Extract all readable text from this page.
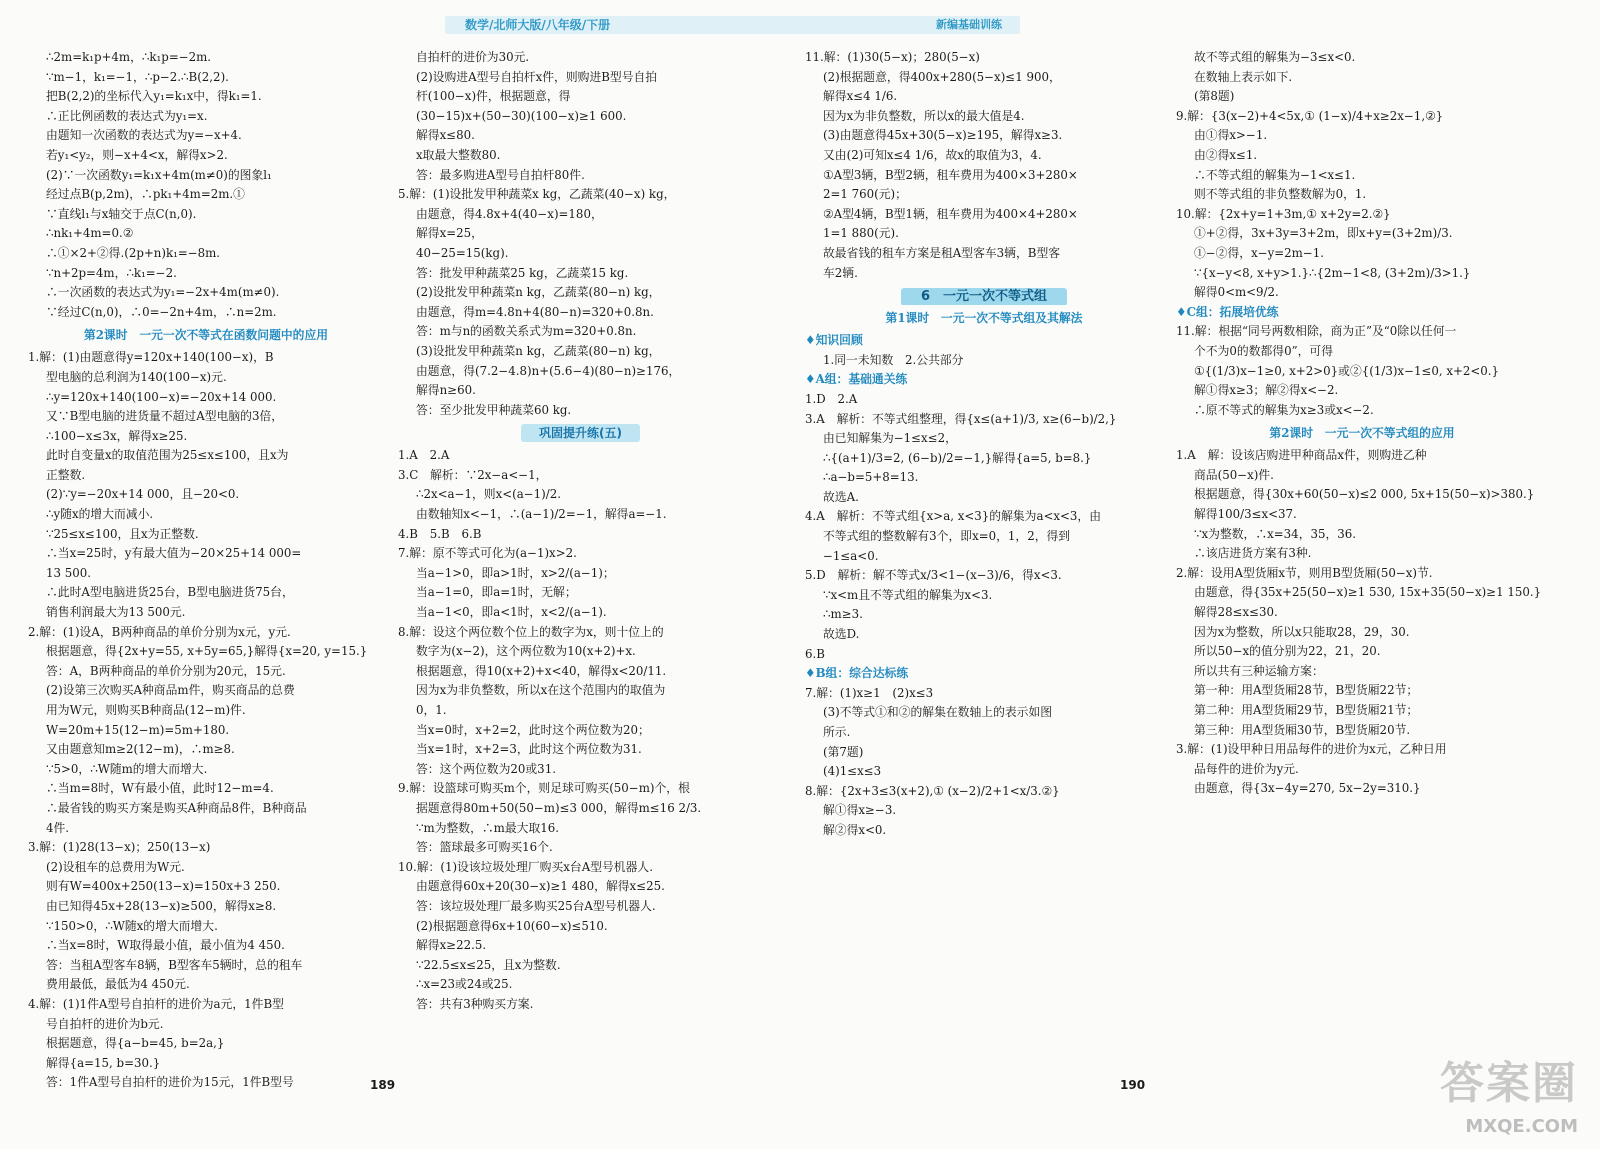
数学/北师大版/八年级/下册	新编基础训练
∴2m=k₁p+4m，∴k₁p=−2m.
∵m−1，k₁=−1，∴p−2.∴B(2,2).
把B(2,2)的坐标代入y₁=k₁x中，得k₁=1.
∴正比例函数的表达式为y₁=x.
由题知一次函数的表达式为y=−x+4.
若y₁<y₂，则−x+4<x，解得x>2.
(2)∵一次函数y₁=k₁x+4m(m≠0)的图象l₁
经过点B(p,2m)，∴pk₁+4m=2m.①
∵直线l₁与x轴交于点C(n,0).
∴nk₁+4m=0.②
∴①×2+②得.(2p+n)k₁=−8m.
∵n+2p=4m，∴k₁=−2.
∴一次函数的表达式为y₁=−2x+4m(m≠0).
∵经过C(n,0)，∴0=−2n+4m，∴n=2m.
第2课时　一元一次不等式在函数问题中的应用
1.解：(1)由题意得y=120x+140(100−x)，B
型电脑的总利润为140(100−x)元.
∴y=120x+140(100−x)=−20x+14 000.
又∵B型电脑的进货量不超过A型电脑的3倍，
∴100−x≤3x，解得x≥25.
此时自变量x的取值范围为25≤x≤100，且x为
正整数.
(2)∵y=−20x+14 000，且−20<0.
∴y随x的增大而减小.
∵25≤x≤100，且x为正整数.
∴当x=25时，y有最大值为−20×25+14 000=
13 500.
∴此时A型电脑进货25台，B型电脑进货75台，
销售利润最大为13 500元.
2.解：(1)设A，B两种商品的单价分别为x元，y元.
根据题意，得{2x+y=55, x+5y=65,}解得{x=20, y=15.}
答：A，B两种商品的单价分别为20元，15元.
(2)设第三次购买A种商品m件，购买商品的总费
用为W元，则购买B种商品(12−m)件.
W=20m+15(12−m)=5m+180.
又由题意知m≥2(12−m)，∴m≥8.
∵5>0，∴W随m的增大而增大.
∴当m=8时，W有最小值，此时12−m=4.
∴最省钱的购买方案是购买A种商品8件，B种商品
4件.
3.解：(1)28(13−x)；250(13−x)
(2)设租车的总费用为W元.
则有W=400x+250(13−x)=150x+3 250.
由已知得45x+28(13−x)≥500，解得x≥8.
∵150>0，∴W随x的增大而增大.
∴当x=8时，W取得最小值，最小值为4 450.
答：当租A型客车8辆，B型客车5辆时，总的租车
费用最低，最低为4 450元.
4.解：(1)1件A型号自拍杆的进价为a元，1件B型
号自拍杆的进价为b元.
根据题意，得{a−b=45, b=2a,}
解得{a=15, b=30.}
答：1件A型号自拍杆的进价为15元，1件B型号
自拍杆的进价为30元.
(2)设购进A型号自拍杆x件，则购进B型号自拍
杆(100−x)件，根据题意，得
(30−15)x+(50−30)(100−x)≥1 600.
解得x≤80.
x取最大整数80.
答：最多购进A型号自拍杆80件.
5.解：(1)设批发甲种蔬菜x kg，乙蔬菜(40−x) kg，
由题意，得4.8x+4(40−x)=180，
解得x=25，
40−25=15(kg).
答：批发甲种蔬菜25 kg，乙蔬菜15 kg.
(2)设批发甲种蔬菜n kg，乙蔬菜(80−n) kg，
由题意，得m=4.8n+4(80−n)=320+0.8n.
答：m与n的函数关系式为m=320+0.8n.
(3)设批发甲种蔬菜n kg，乙蔬菜(80−n) kg，
由题意，得(7.2−4.8)n+(5.6−4)(80−n)≥176，
解得n≥60.
答：至少批发甲种蔬菜60 kg.
巩固提升练(五)
1.A　2.A
3.C　解析：∵2x−a<−1，
∴2x<a−1，则x<(a−1)/2.
由数轴知x<−1，∴(a−1)/2=−1，解得a=−1.
4.B　5.B　6.B
7.解：原不等式可化为(a−1)x>2.
当a−1>0，即a>1时，x>2/(a−1)；
当a−1=0，即a=1时，无解；
当a−1<0，即a<1时，x<2/(a−1).
8.解：设这个两位数个位上的数字为x，则十位上的
数字为(x−2)，这个两位数为10(x+2)+x.
根据题意，得10(x+2)+x<40，解得x<20/11.
因为x为非负整数，所以x在这个范围内的取值为
0，1.
当x=0时，x+2=2，此时这个两位数为20；
当x=1时，x+2=3，此时这个两位数为31.
答：这个两位数为20或31.
9.解：设篮球可购买m个，则足球可购买(50−m)个，根
据题意得80m+50(50−m)≤3 000，解得m≤16 2/3.
∵m为整数，∴m最大取16.
答：篮球最多可购买16个.
10.解：(1)设该垃圾处理厂购买x台A型号机器人.
由题意得60x+20(30−x)≥1 480，解得x≤25.
答：该垃圾处理厂最多购买25台A型号机器人.
(2)根据题意得6x+10(60−x)≤510.
解得x≥22.5.
∵22.5≤x≤25，且x为整数.
∴x=23或24或25.
答：共有3种购买方案.
11.解：(1)30(5−x)；280(5−x)
(2)根据题意，得400x+280(5−x)≤1 900，
解得x≤4 1/6.
因为x为非负整数，所以x的最大值是4.
(3)由题意得45x+30(5−x)≥195，解得x≥3.
又由(2)可知x≤4 1/6，故x的取值为3，4.
①A型3辆，B型2辆，租车费用为400×3+280×
2=1 760(元)；
②A型4辆，B型1辆，租车费用为400×4+280×
1=1 880(元).
故最省钱的租车方案是租A型客车3辆，B型客
车2辆.
6　一元一次不等式组
第1课时　一元一次不等式组及其解法
♦知识回顾
1.同一未知数　2.公共部分
♦A组：基础通关练
1.D　2.A
3.A　解析：不等式组整理，得{x≤(a+1)/3, x≥(6−b)/2,}
由已知解集为−1≤x≤2，
∴{(a+1)/3=2, (6−b)/2=−1,}解得{a=5, b=8.}
∴a−b=5+8=13.
故选A.
4.A　解析：不等式组{x>a, x<3}的解集为a<x<3，由
不等式组的整数解有3个，即x=0，1，2，得到
−1≤a<0.
5.D　解析：解不等式x/3<1−(x−3)/6，得x<3.
∵x<m且不等式组的解集为x<3.
∴m≥3.
故选D.
6.B
♦B组：综合达标练
7.解：(1)x≥1　(2)x≤3
(3)不等式①和②的解集在数轴上的表示如图
所示.
(第7题)
(4)1≤x≤3
8.解：{2x+3≤3(x+2),① (x−2)/2+1<x/3.②}
解①得x≥−3.
解②得x<0.
故不等式组的解集为−3≤x<0.
在数轴上表示如下.
(第8题)
9.解：{3(x−2)+4<5x,① (1−x)/4+x≥2x−1,②}
由①得x>−1.
由②得x≤1.
∴不等式组的解集为−1<x≤1.
则不等式组的非负整数解为0，1.
10.解：{2x+y=1+3m,① x+2y=2.②}
①+②得，3x+3y=3+2m，即x+y=(3+2m)/3.
①−②得，x−y=2m−1.
∵{x−y<8, x+y>1.}∴{2m−1<8, (3+2m)/3>1.}
解得0<m<9/2.
♦C组：拓展培优练
11.解：根据“同号两数相除，商为正”及“0除以任何一
个不为0的数都得0”，可得
①{(1/3)x−1≥0, x+2>0}或②{(1/3)x−1≤0, x+2<0.}
解①得x≥3；解②得x<−2.
∴原不等式的解集为x≥3或x<−2.
第2课时　一元一次不等式组的应用
1.A　解：设该店购进甲种商品x件，则购进乙种
商品(50−x)件.
根据题意，得{30x+60(50−x)≤2 000, 5x+15(50−x)>380.}
解得100/3≤x<37.
∵x为整数，∴x=34，35，36.
∴该店进货方案有3种.
2.解：设用A型货厢x节，则用B型货厢(50−x)节.
由题意，得{35x+25(50−x)≥1 530, 15x+35(50−x)≥1 150.}
解得28≤x≤30.
因为x为整数，所以x只能取28，29，30.
所以50−x的值分别为22，21，20.
所以共有三种运输方案：
第一种：用A型货厢28节，B型货厢22节；
第二种：用A型货厢29节，B型货厢21节；
第三种：用A型货厢30节，B型货厢20节.
3.解：(1)设甲种日用品每件的进价为x元，乙种日用
品每件的进价为y元.
由题意，得{3x−4y=270, 5x−2y=310.}
189	190	答案圈
MXQE.COM
